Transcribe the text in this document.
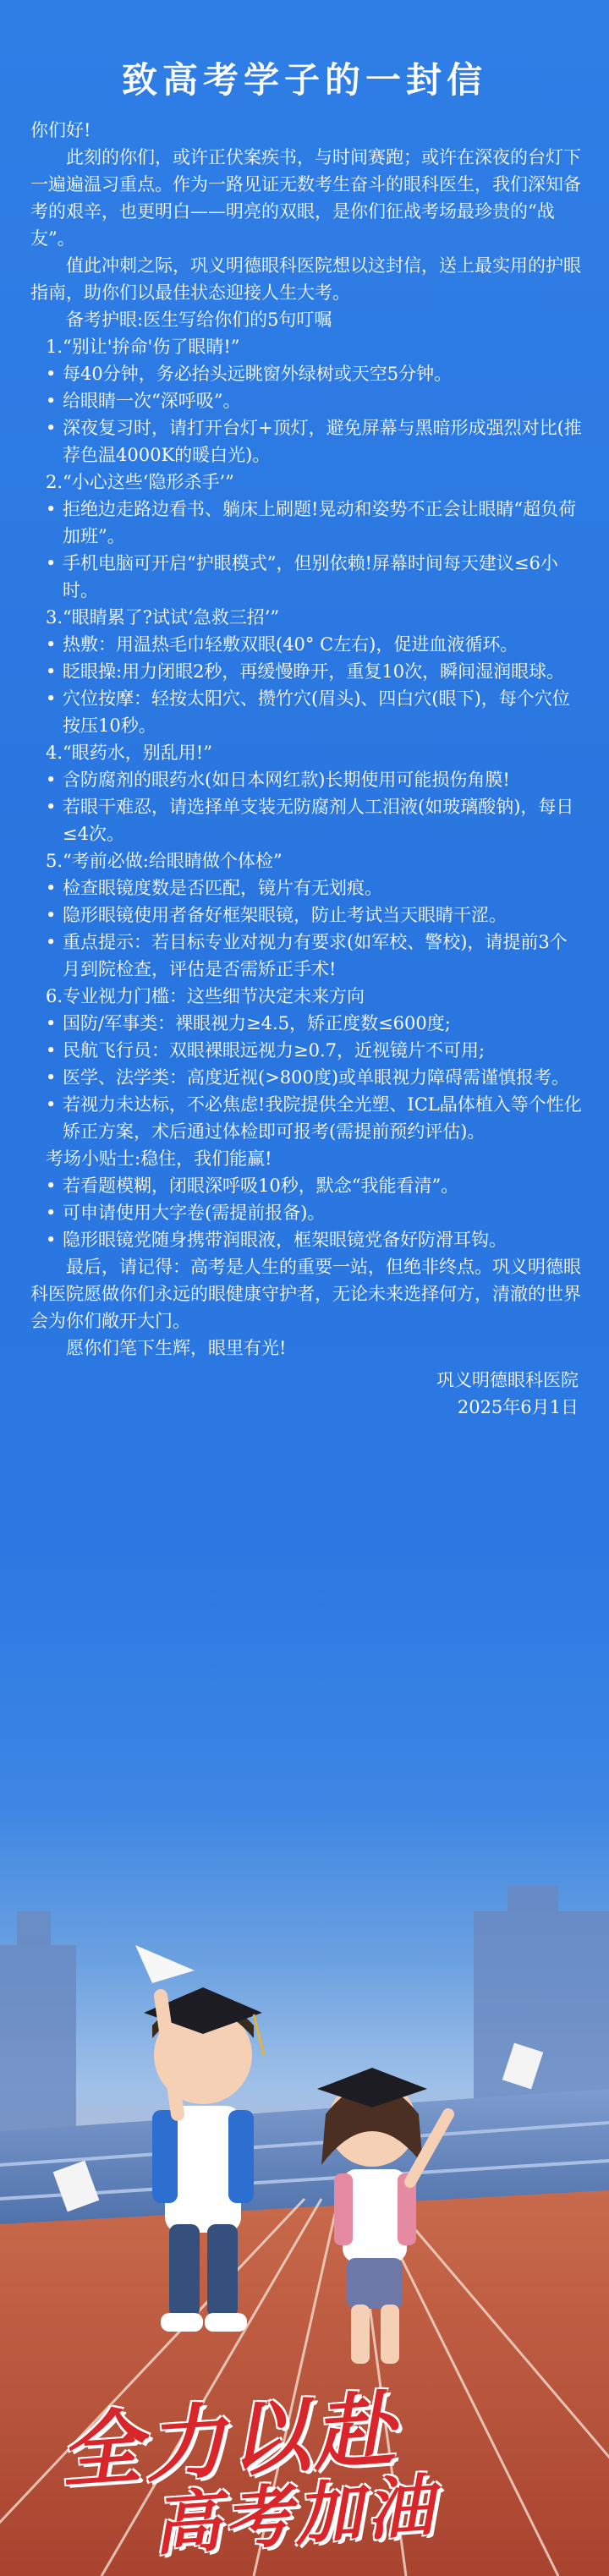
致高考学子的一封信

你们好!

此刻的你们，或许正伏案疾书，与时间赛跑；或许在深夜的台灯下一遍遍温习重点。作为一路见证无数考生奋斗的眼科医生，我们深知备考的艰辛，也更明白——明亮的双眼，是你们征战考场最珍贵的“战友”。

值此冲刺之际，巩义明德眼科医院想以这封信，送上最实用的护眼指南，助你们以最佳状态迎接人生大考。

备考护眼:医生写给你们的5句叮嘱

1.“别让'拚命'伤了眼睛!”

• 每40分钟，务必抬头远眺窗外绿树或天空5分钟。

• 给眼睛一次“深呼吸”。

• 深夜复习时，请打开台灯+顶灯，避免屏幕与黑暗形成强烈对比(推荐色温4000K的暖白光)。

2.“小心这些‘隐形杀手’”

• 拒绝边走路边看书、躺床上刷题!晃动和姿势不正会让眼睛“超负荷加班”。

• 手机电脑可开启“护眼模式”，但别依赖!屏幕时间每天建议≤6小时。

3.“眼睛累了?试试‘急救三招’”

• 热敷：用温热毛巾轻敷双眼(40° C左右)，促进血液循环。

• 眨眼操:用力闭眼2秒，再缓慢睁开，重复10次，瞬间湿润眼球。

• 穴位按摩：轻按太阳穴、攒竹穴(眉头)、四白穴(眼下)，每个穴位按压10秒。

4.“眼药水，别乱用!”

• 含防腐剂的眼药水(如日本网红款)长期使用可能损伤角膜!

• 若眼干难忍，请选择单支装无防腐剂人工泪液(如玻璃酸钠)，每日≤4次。

5.“考前必做:给眼睛做个体检”

• 检查眼镜度数是否匹配，镜片有无划痕。

• 隐形眼镜使用者备好框架眼镜，防止考试当天眼睛干涩。

• 重点提示：若目标专业对视力有要求(如军校、警校)，请提前3个月到院检查，评估是否需矫正手术!

6.专业视力门槛：这些细节决定未来方向

• 国防/军事类：裸眼视力≥4.5，矫正度数≤600度;

• 民航飞行员：双眼裸眼远视力≥0.7，近视镜片不可用;

• 医学、法学类：高度近视(>800度)或单眼视力障碍需谨慎报考。

• 若视力未达标，不必焦虑!我院提供全光塑、ICL晶体植入等个性化矫正方案，术后通过体检即可报考(需提前预约评估)。

考场小贴士:稳住，我们能赢!

• 若看题模糊，闭眼深呼吸10秒，默念“我能看清”。

• 可申请使用大字卷(需提前报备)。

• 隐形眼镜党随身携带润眼液，框架眼镜党备好防滑耳钩。

最后，请记得：高考是人生的重要一站，但绝非终点。巩义明德眼科医院愿做你们永远的眼健康守护者，无论未来选择何方，清澈的世界会为你们敞开大门。

愿你们笔下生辉，眼里有光!

巩义明德眼科医院

2025年6月1日

全力以赴
高考加油
